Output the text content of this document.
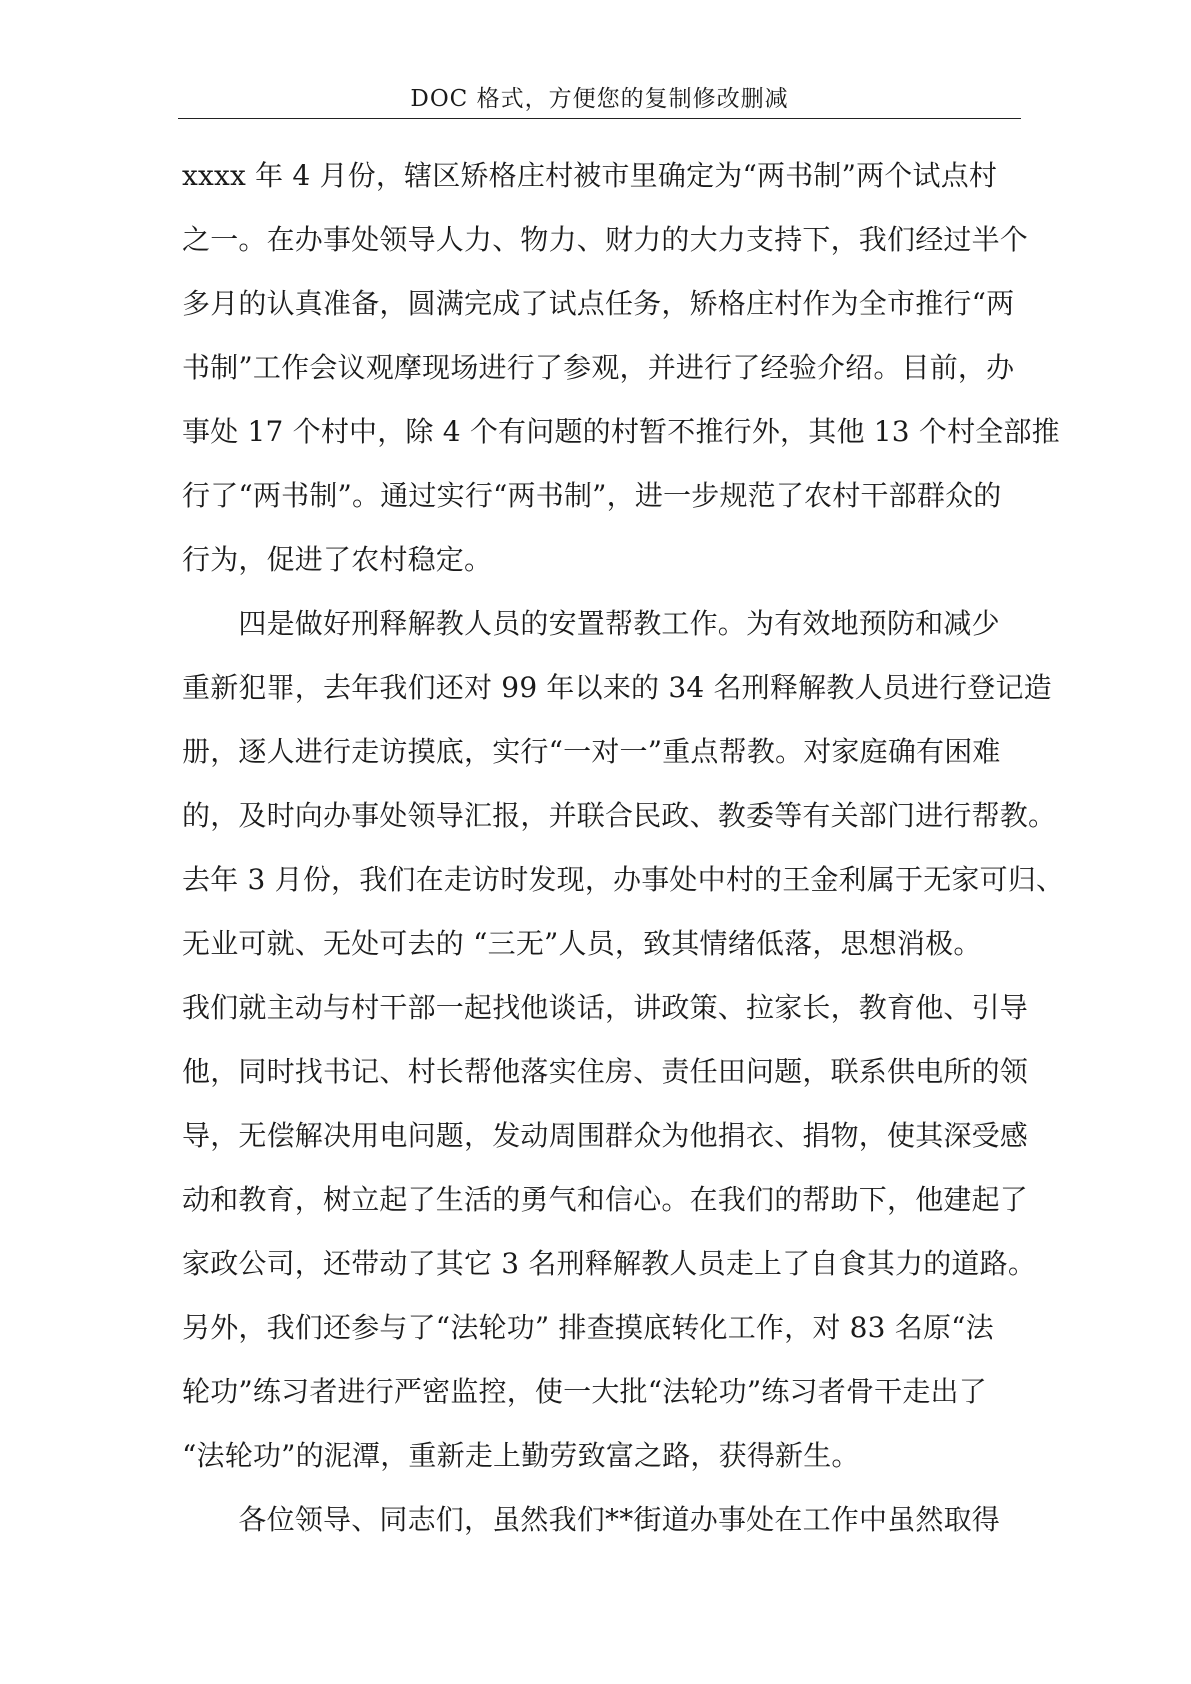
DOC 格式，方便您的复制修改删减
xxxx 年 4 月份，辖区矫格庄村被市里确定为“两书制”两个试点村
之一。在办事处领导人力、物力、财力的大力支持下，我们经过半个
多月的认真准备，圆满完成了试点任务，矫格庄村作为全市推行“两
书制”工作会议观摩现场进行了参观，并进行了经验介绍。目前，办
事处 17 个村中，除 4 个有问题的村暂不推行外，其他 13 个村全部推
行了“两书制”。通过实行“两书制”，进一步规范了农村干部群众的
行为，促进了农村稳定。
　　四是做好刑释解教人员的安置帮教工作。为有效地预防和减少
重新犯罪，去年我们还对 99 年以来的 34 名刑释解教人员进行登记造
册，逐人进行走访摸底，实行“一对一”重点帮教。对家庭确有困难
的，及时向办事处领导汇报，并联合民政、教委等有关部门进行帮教。
去年 3 月份，我们在走访时发现，办事处中村的王金利属于无家可归、
无业可就、无处可去的 “三无”人员，致其情绪低落，思想消极。
我们就主动与村干部一起找他谈话，讲政策、拉家长，教育他、引导
他，同时找书记、村长帮他落实住房、责任田问题，联系供电所的领
导，无偿解决用电问题，发动周围群众为他捐衣、捐物，使其深受感
动和教育，树立起了生活的勇气和信心。在我们的帮助下，他建起了
家政公司，还带动了其它 3 名刑释解教人员走上了自食其力的道路。
另外，我们还参与了“法轮功” 排查摸底转化工作，对 83 名原“法
轮功”练习者进行严密监控，使一大批“法轮功”练习者骨干走出了
“法轮功”的泥潭，重新走上勤劳致富之路，获得新生。
　　各位领导、同志们，虽然我们**街道办事处在工作中虽然取得
